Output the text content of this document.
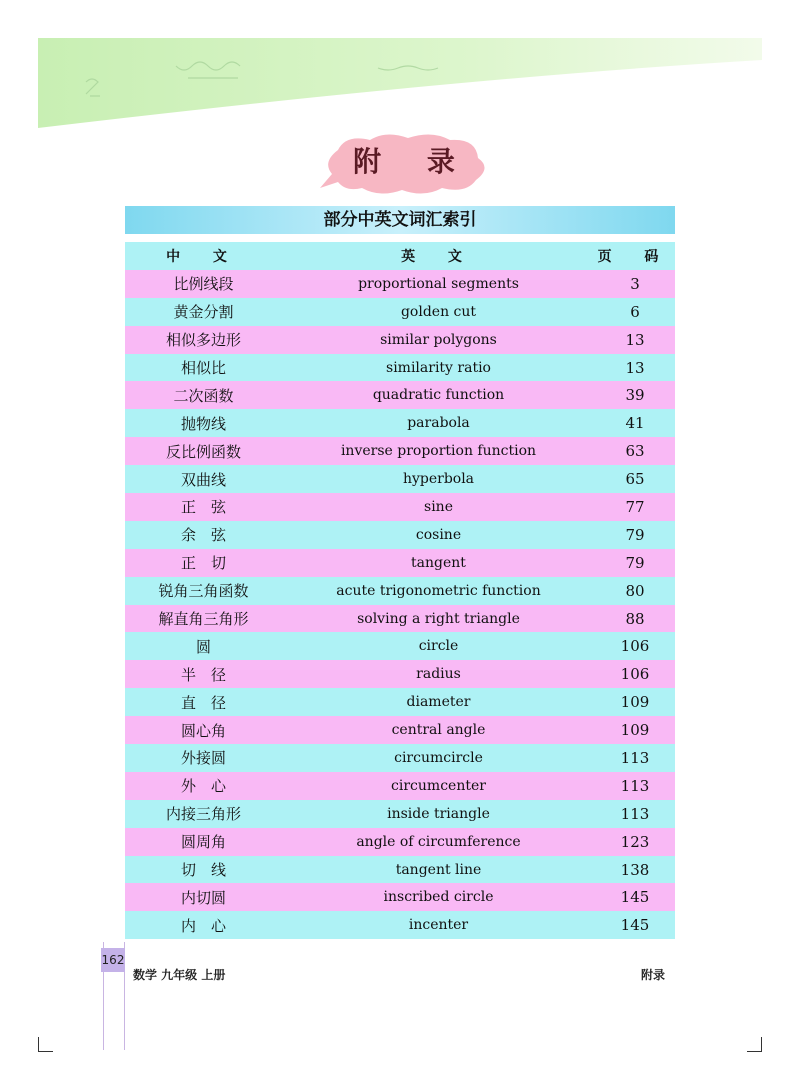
附 录
部分中英文词汇索引
中 文	英 文	页 码
比例线段	proportional segments	3
黄金分割	golden cut	6
相似多边形	similar polygons	13
相似比	similarity ratio	13
二次函数	quadratic function	39
抛物线	parabola	41
反比例函数	inverse proportion function	63
双曲线	hyperbola	65
正　弦	sine	77
余　弦	cosine	79
正　切	tangent	79
锐角三角函数	acute trigonometric function	80
解直角三角形	solving a right triangle	88
圆	circle	106
半　径	radius	106
直　径	diameter	109
圆心角	central angle	109
外接圆	circumcircle	113
外　心	circumcenter	113
内接三角形	inside triangle	113
圆周角	angle of circumference	123
切　线	tangent line	138
内切圆	inscribed circle	145
内　心	incenter	145
162
数学 九年级 上册	附录
